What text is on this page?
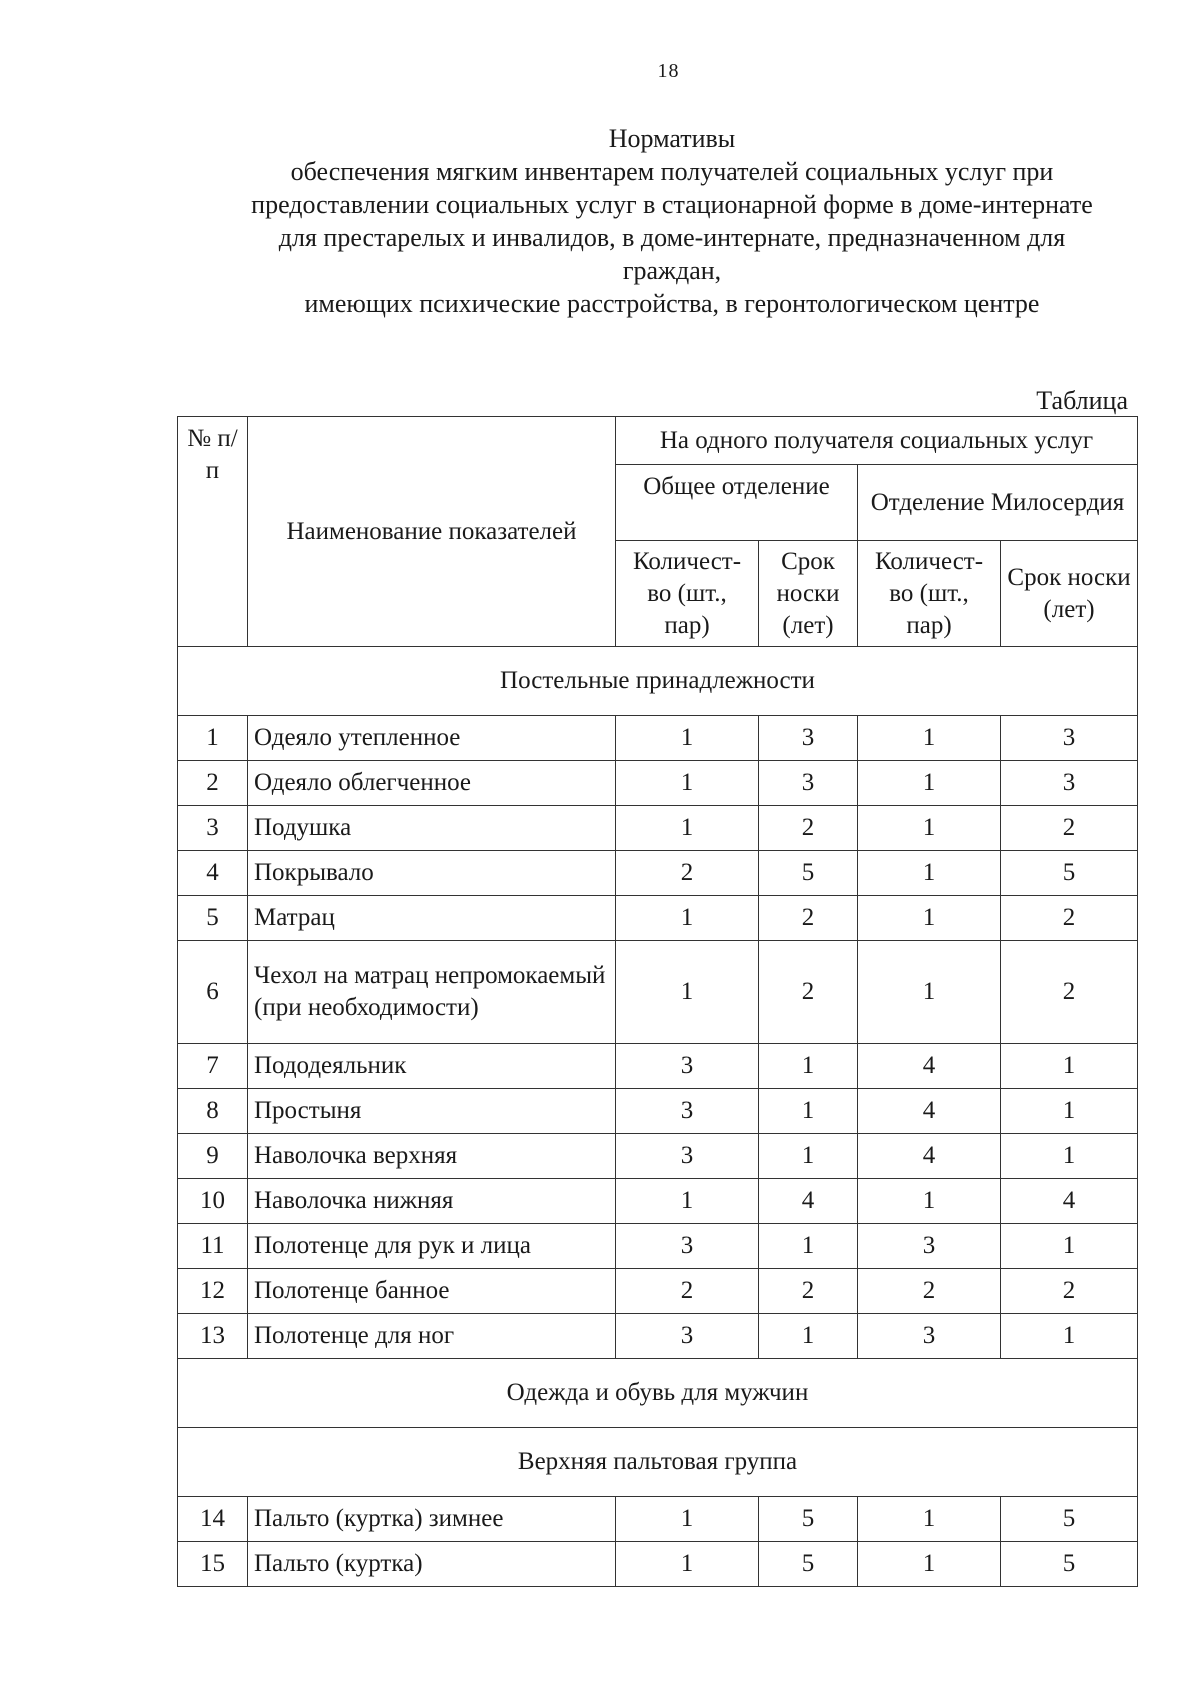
18
Нормативы
обеспечения мягким инвентарем получателей социальных услуг при
предоставлении социальных услуг в стационарной форме в доме-интернате
для престарелых и инвалидов, в доме-интернате, предназначенном для
граждан,
имеющих психические расстройства, в геронтологическом центре
Таблица
№ п/п	Наименование показателей	На одного получателя социальных услуг			
		Общее отделение		Отделение Милосердия	
		Количест-во (шт., пар)	Срок носки (лет)	Количест-во (шт., пар)	Срок носки (лет)
Постельные принадлежности					
1	Одеяло утепленное	1	3	1	3
2	Одеяло облегченное	1	3	1	3
3	Подушка	1	2	1	2
4	Покрывало	2	5	1	5
5	Матрац	1	2	1	2
6	Чехол на матрац непромокаемый (при необходимости)	1	2	1	2
7	Пододеяльник	3	1	4	1
8	Простыня	3	1	4	1
9	Наволочка верхняя	3	1	4	1
10	Наволочка нижняя	1	4	1	4
11	Полотенце для рук и лица	3	1	3	1
12	Полотенце банное	2	2	2	2
13	Полотенце для ног	3	1	3	1
Одежда и обувь для мужчин					
Верхняя пальтовая группа					
14	Пальто (куртка) зимнее	1	5	1	5
15	Пальто (куртка)	1	5	1	5
